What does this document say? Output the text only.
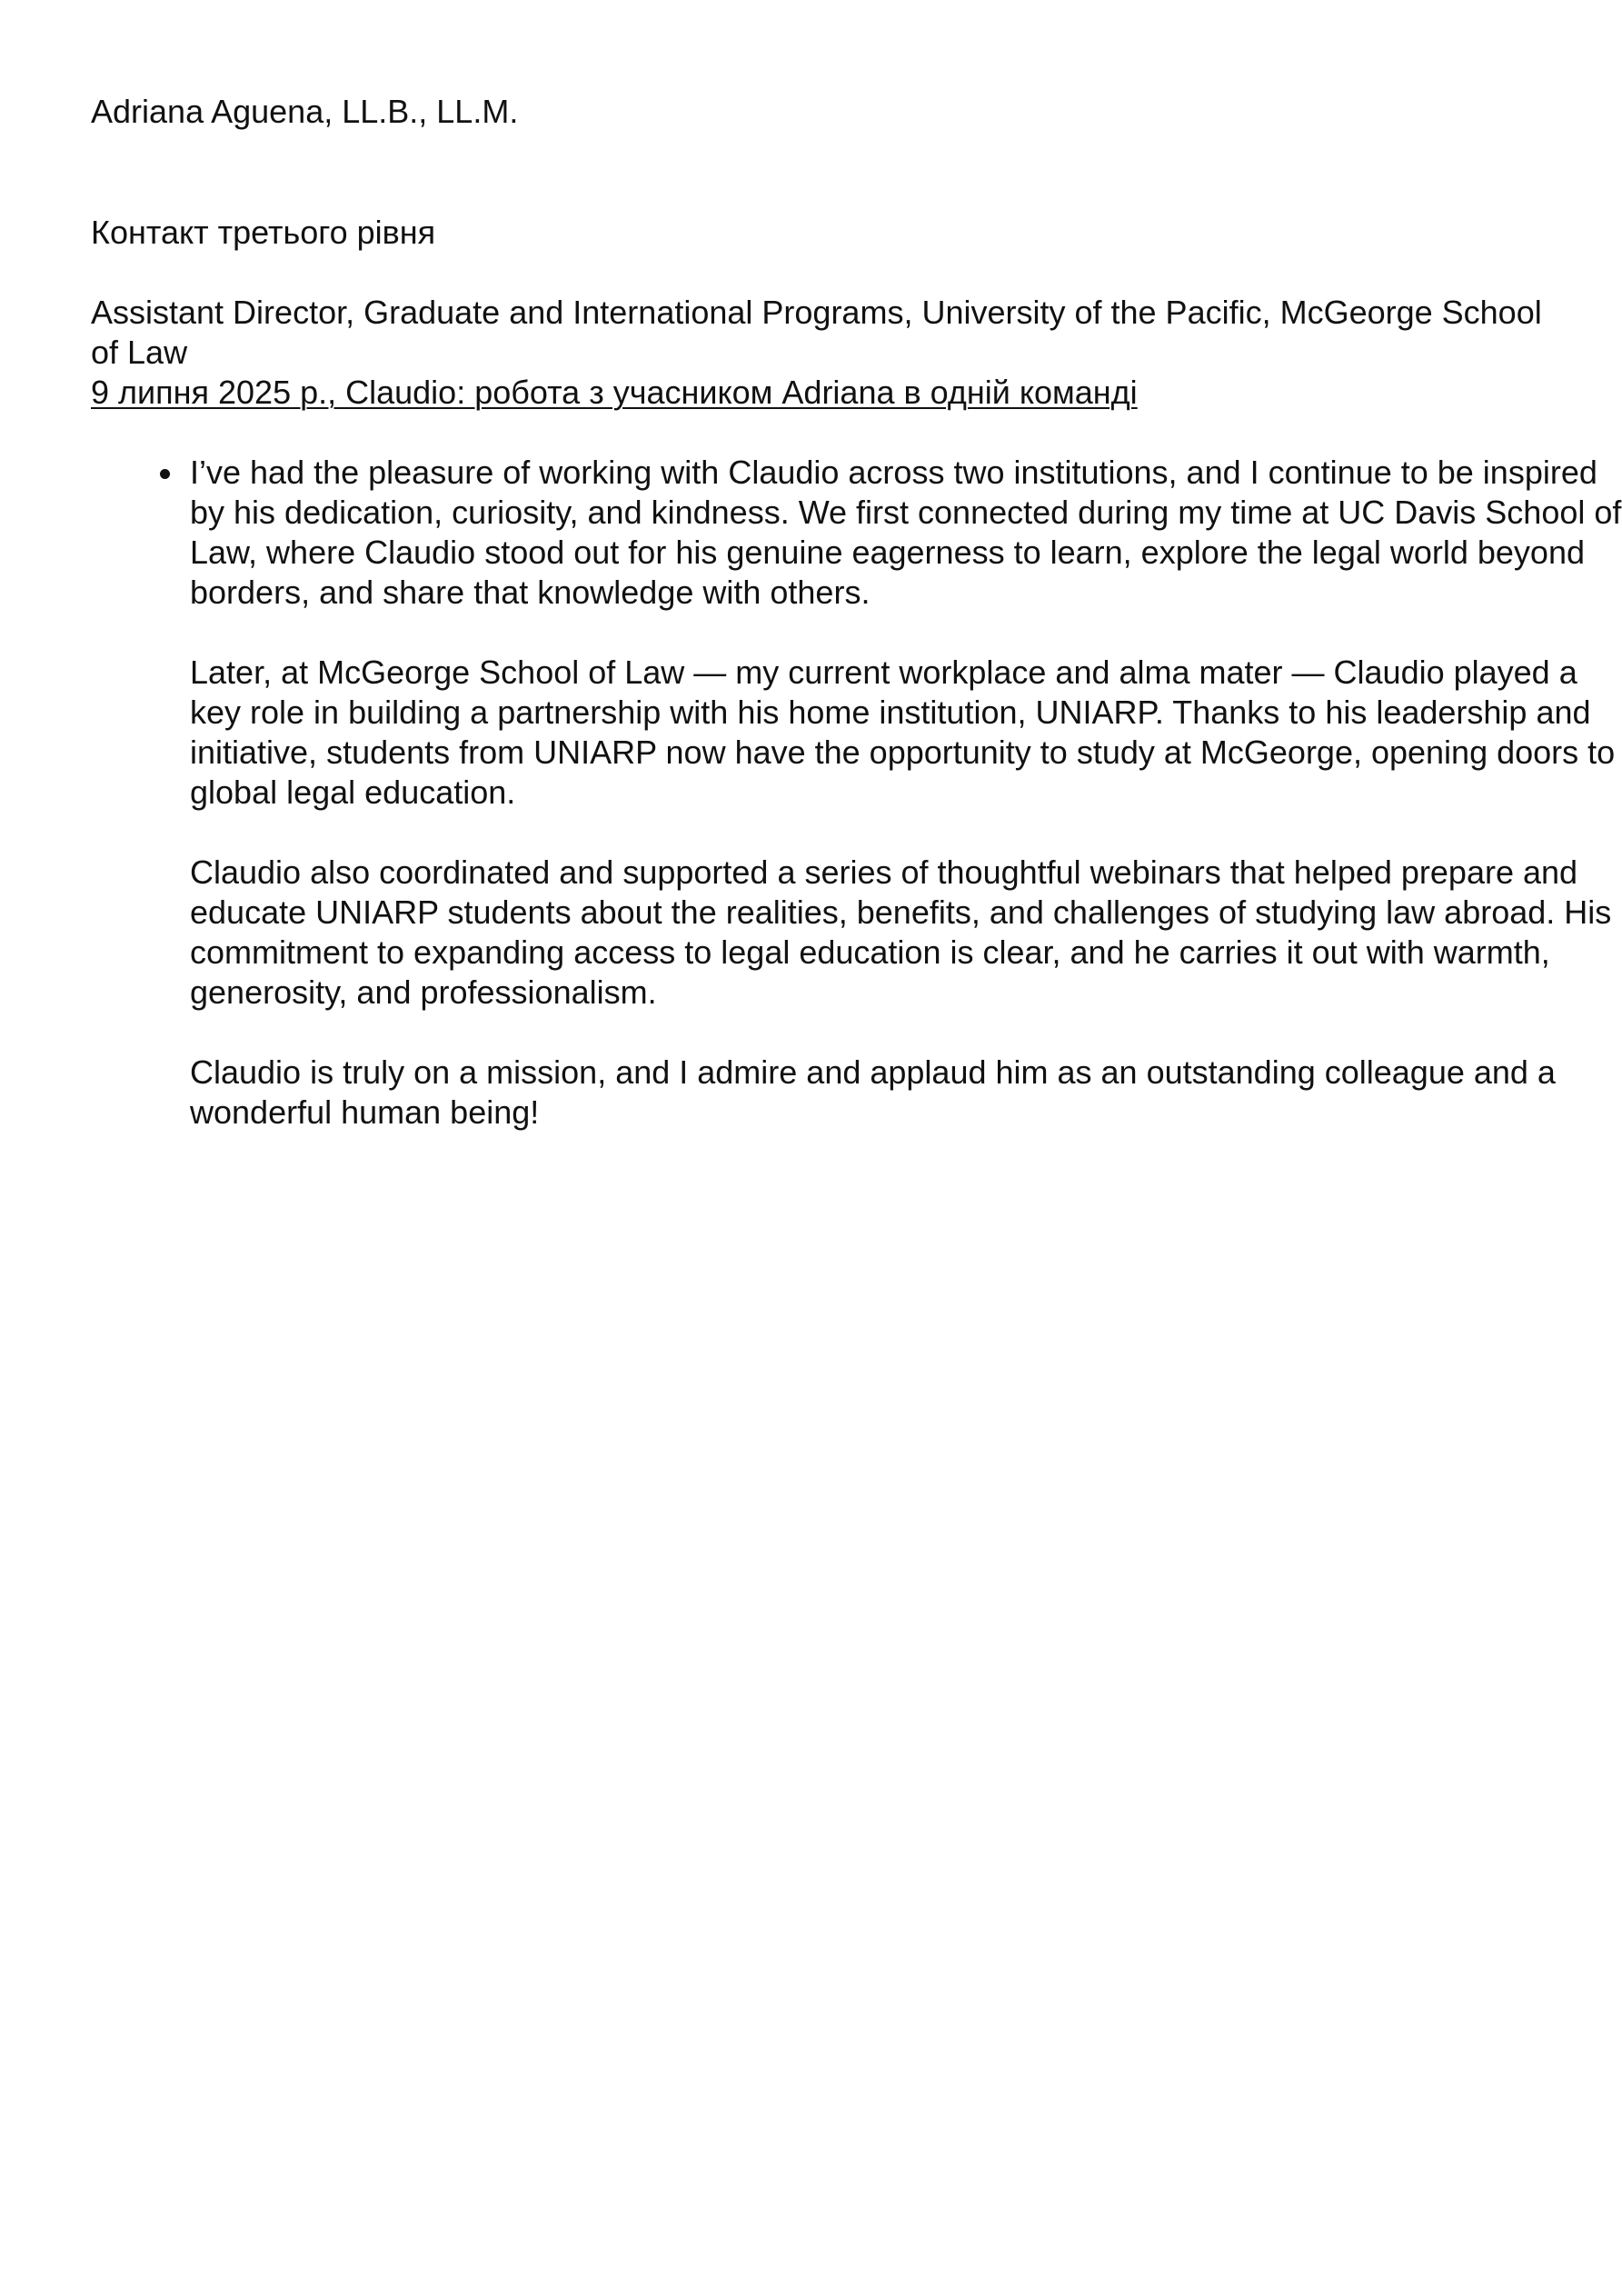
Adriana Aguena, LL.B., LL.M.

Контакт третього рівня

Assistant Director, Graduate and International Programs, University of the Pacific, McGeorge School of Law

9 липня 2025 р., Claudio: робота з учасником Adriana в одній команді

I’ve had the pleasure of working with Claudio across two institutions, and I continue to be inspired by his dedication, curiosity, and kindness. We first connected during my time at UC Davis School of Law, where Claudio stood out for his genuine eagerness to learn, explore the legal world beyond borders, and share that knowledge with others.

Later, at McGeorge School of Law — my current workplace and alma mater — Claudio played a key role in building a partnership with his home institution, UNIARP. Thanks to his leadership and initiative, students from UNIARP now have the opportunity to study at McGeorge, opening doors to global legal education.

Claudio also coordinated and supported a series of thoughtful webinars that helped prepare and educate UNIARP students about the realities, benefits, and challenges of studying law abroad. His commitment to expanding access to legal education is clear, and he carries it out with warmth, generosity, and professionalism.

Claudio is truly on a mission, and I admire and applaud him as an outstanding colleague and a wonderful human being!
